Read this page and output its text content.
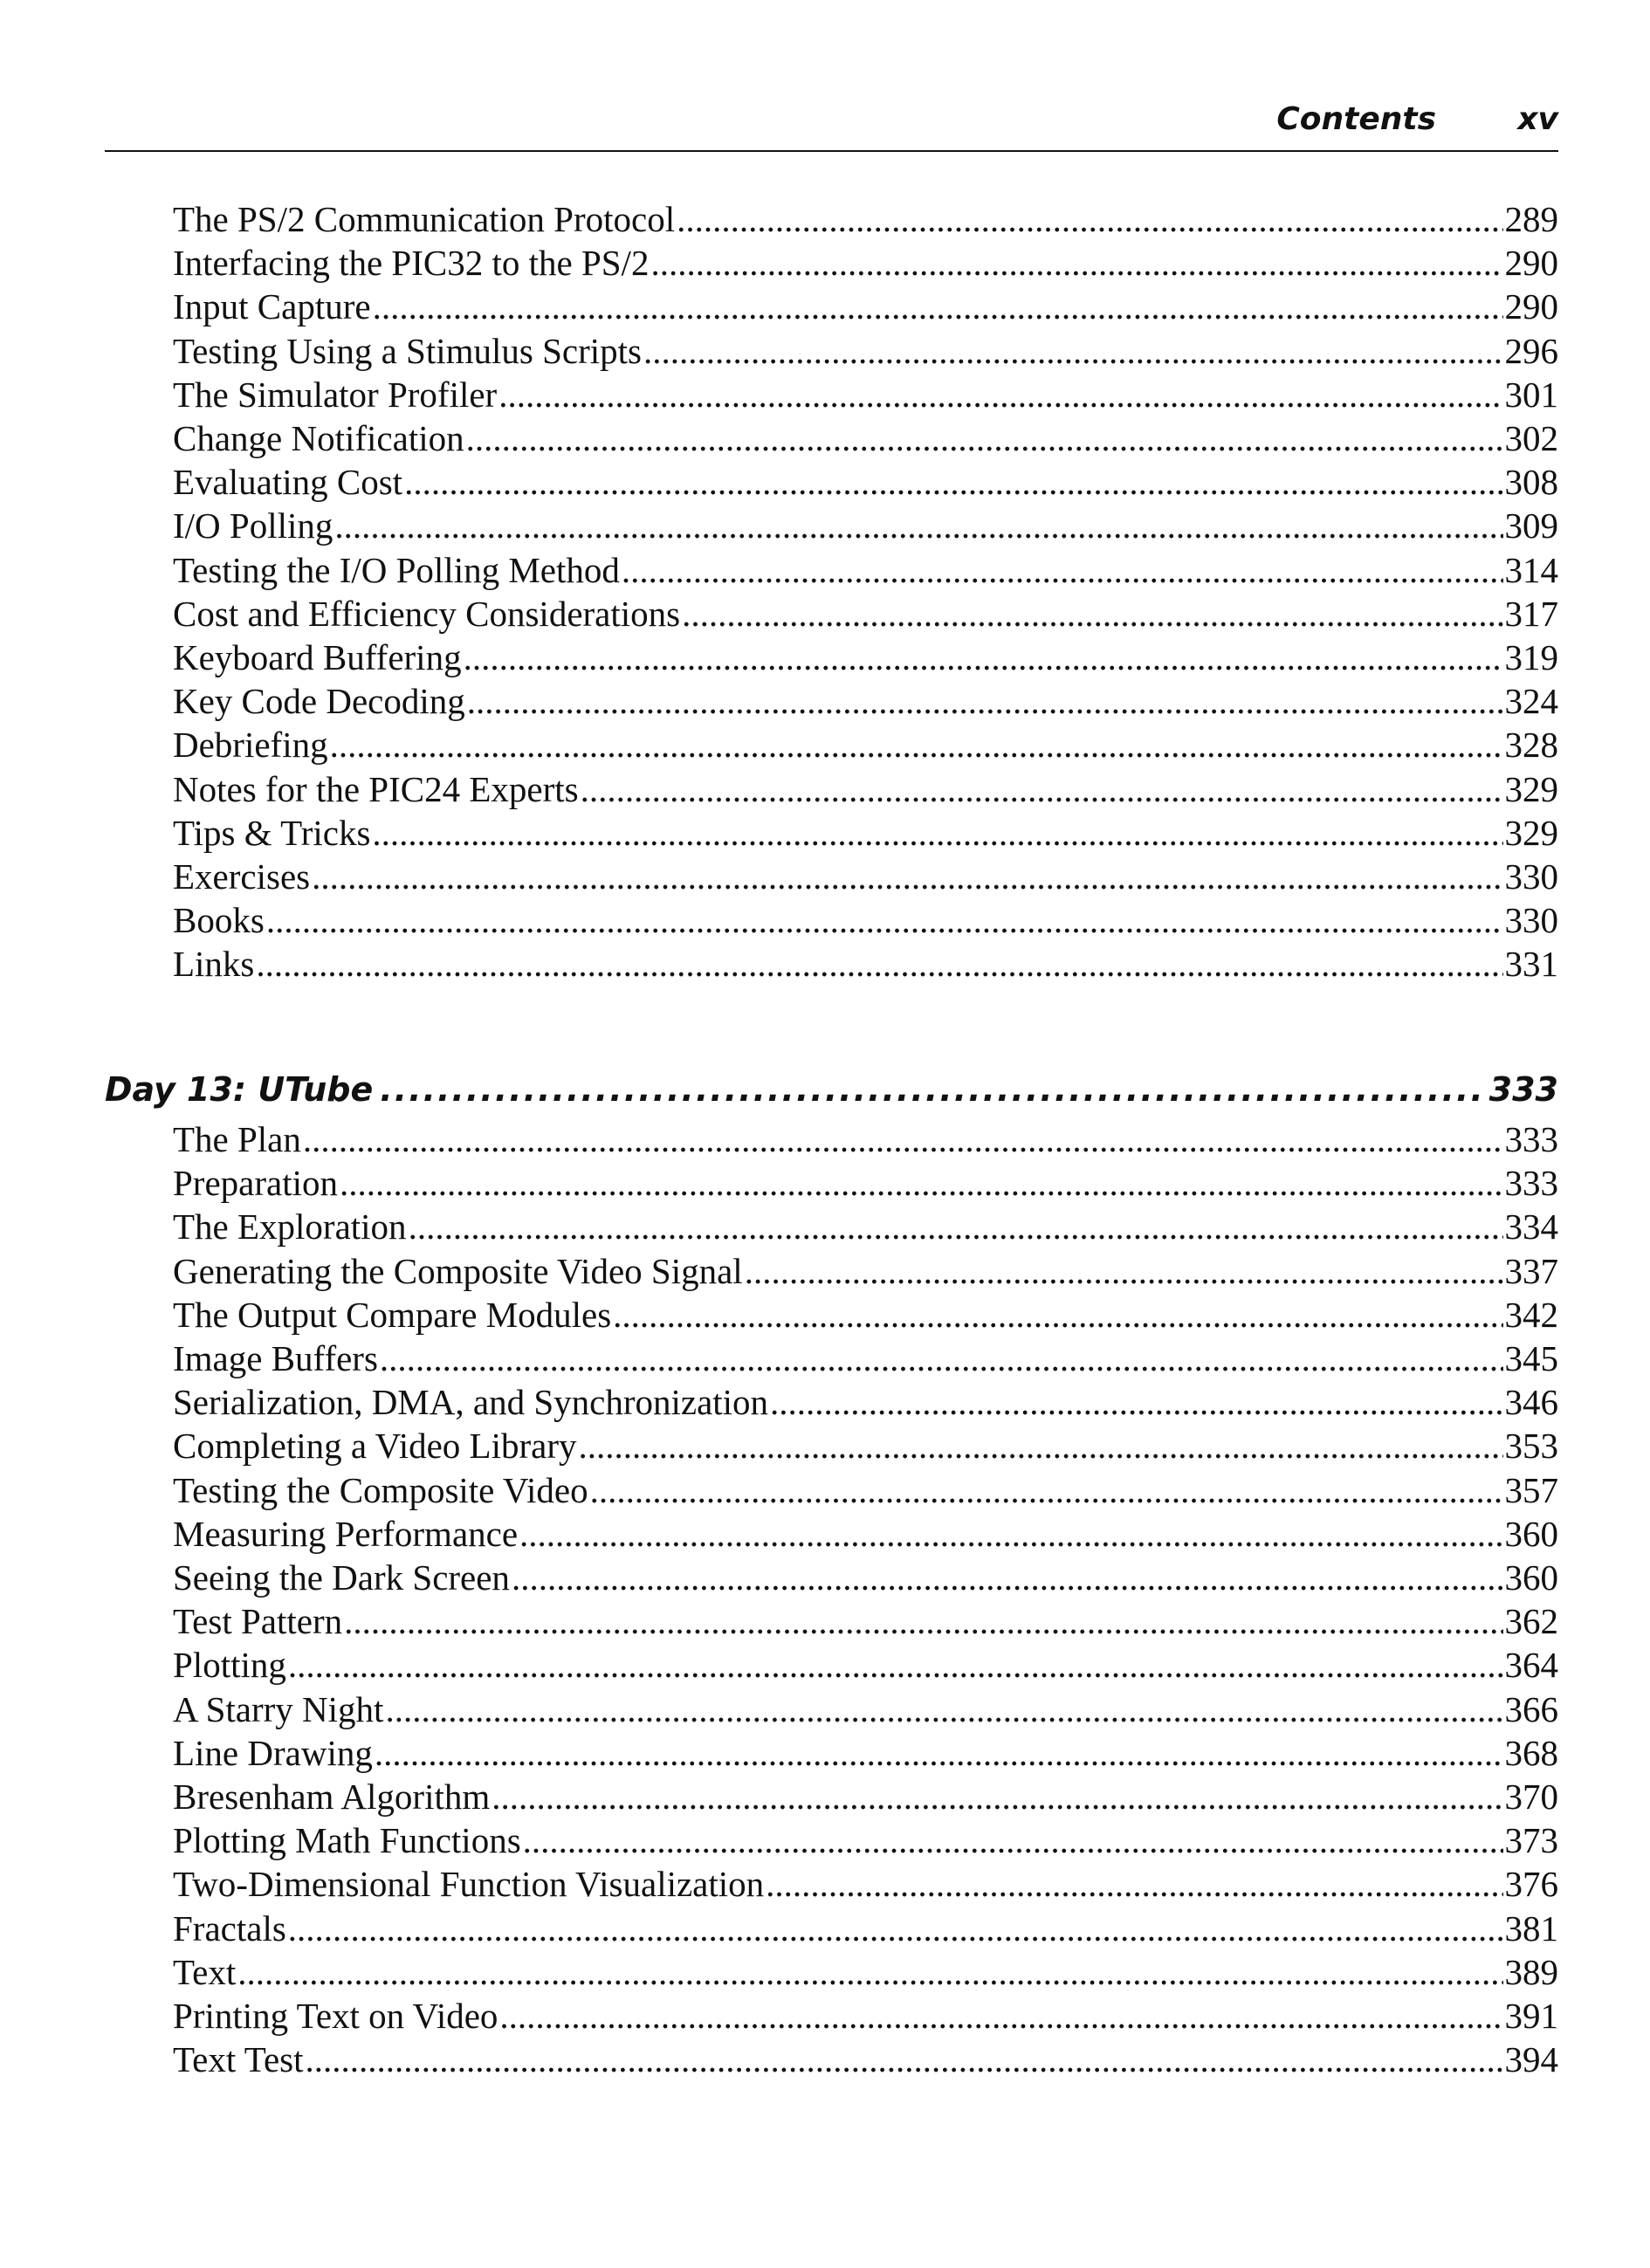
Contents	xv
The PS/2 Communication Protocol .....	289
Interfacing the PIC32 to the PS/2 .....	290
Input Capture .....	290
Testing Using a Stimulus Scripts .....	296
The Simulator Profiler .....	301
Change Notification .....	302
Evaluating Cost .....	308
I/O Polling .....	309
Testing the I/O Polling Method .....	314
Cost and Efficiency Considerations .....	317
Keyboard Buffering .....	319
Key Code Decoding .....	324
Debriefing .....	328
Notes for the PIC24 Experts .....	329
Tips & Tricks .....	329
Exercises .....	330
Books .....	330
Links .....	331
Day 13: UTube .....	333
The Plan .....	333
Preparation .....	333
The Exploration .....	334
Generating the Composite Video Signal .....	337
The Output Compare Modules .....	342
Image Buffers .....	345
Serialization, DMA, and Synchronization .....	346
Completing a Video Library .....	353
Testing the Composite Video .....	357
Measuring Performance .....	360
Seeing the Dark Screen .....	360
Test Pattern .....	362
Plotting .....	364
A Starry Night .....	366
Line Drawing .....	368
Bresenham Algorithm .....	370
Plotting Math Functions .....	373
Two-Dimensional Function Visualization .....	376
Fractals .....	381
Text .....	389
Printing Text on Video .....	391
Text Test .....	394
